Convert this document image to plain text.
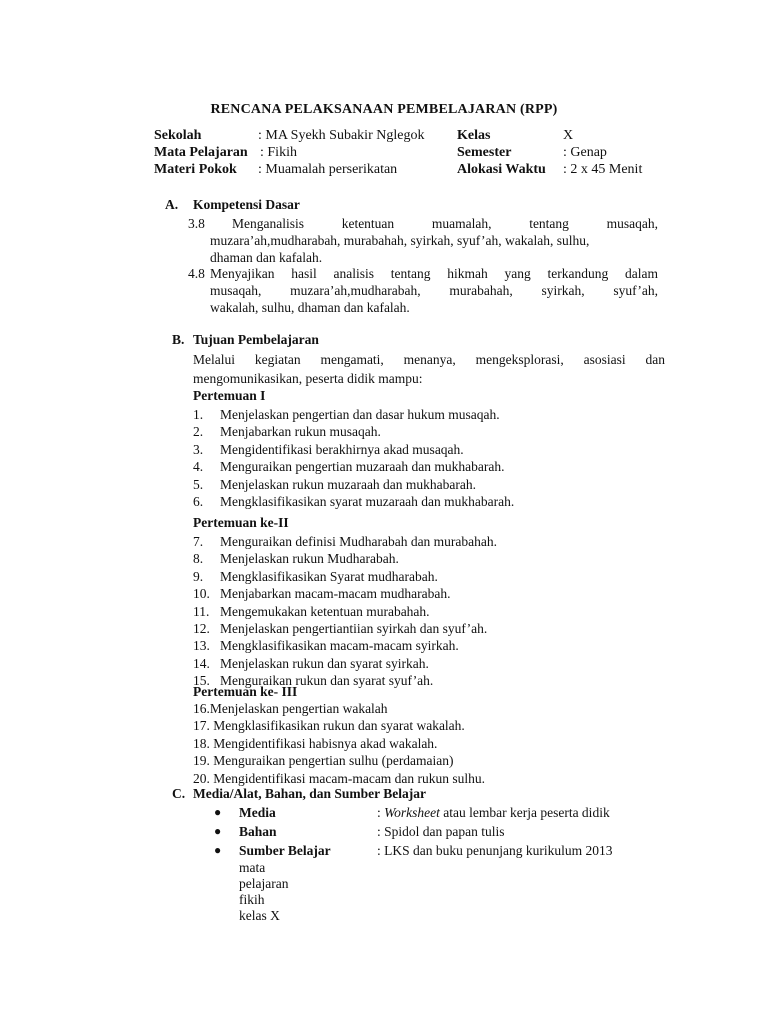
RENCANA PELAKSANAAN PEMBELAJARAN (RPP)
Sekolah	: MA Syekh Subakir Nglegok Kelas	X
Mata Pelajaran : Fikih	Semester	: Genap
Materi Pokok : Muamalah perserikatan	Alokasi Waktu : 2 x 45 Menit
A. Kompetensi Dasar
3.8 Menganalisis ketentuan muamalah, tentang musaqah,
muzara’ah,mudharabah, murabahah, syirkah, syuf’ah, wakalah, sulhu,
dhaman dan kafalah.
4.8 Menyajikan hasil analisis tentang hikmah yang terkandung dalam
musaqah, muzara’ah,mudharabah, murabahah, syirkah, syuf’ah,
wakalah, sulhu, dhaman dan kafalah.
B. Tujuan Pembelajaran
Melalui kegiatan mengamati, menanya, mengeksplorasi, asosiasi dan mengomunikasikan, peserta didik mampu:
Pertemuan I
1. Menjelaskan pengertian dan dasar hukum musaqah.
2. Menjabarkan rukun musaqah.
3. Mengidentifikasi berakhirnya akad musaqah.
4. Menguraikan pengertian muzaraah dan mukhabarah.
5. Menjelaskan rukun muzaraah dan mukhabarah.
6. Mengklasifikasikan syarat muzaraah dan mukhabarah.
Pertemuan ke-II
7. Menguraikan definisi Mudharabah dan murabahah.
8. Menjelaskan rukun Mudharabah.
9. Mengklasifikasikan Syarat mudharabah.
10. Menjabarkan macam-macam mudharabah.
11. Mengemukakan ketentuan murabahah.
12. Menjelaskan pengertiantiian syirkah dan syuf’ah.
13. Mengklasifikasikan macam-macam syirkah.
14. Menjelaskan rukun dan syarat syirkah.
15. Menguraikan rukun dan syarat syuf’ah.
Pertemuan ke- III
16.Menjelaskan pengertian wakalah
17. Mengklasifikasikan rukun dan syarat wakalah.
18. Mengidentifikasi habisnya akad wakalah.
19. Menguraikan pengertian sulhu (perdamaian)
20. Mengidentifikasi macam-macam dan rukun sulhu.
C. Media/Alat, Bahan, dan Sumber Belajar
● Media	: Worksheet atau lembar kerja peserta didik
● Bahan	: Spidol dan papan tulis
● Sumber Belajar	: LKS dan buku penunjang kurikulum 2013
mata pelajaran fikih kelas X
